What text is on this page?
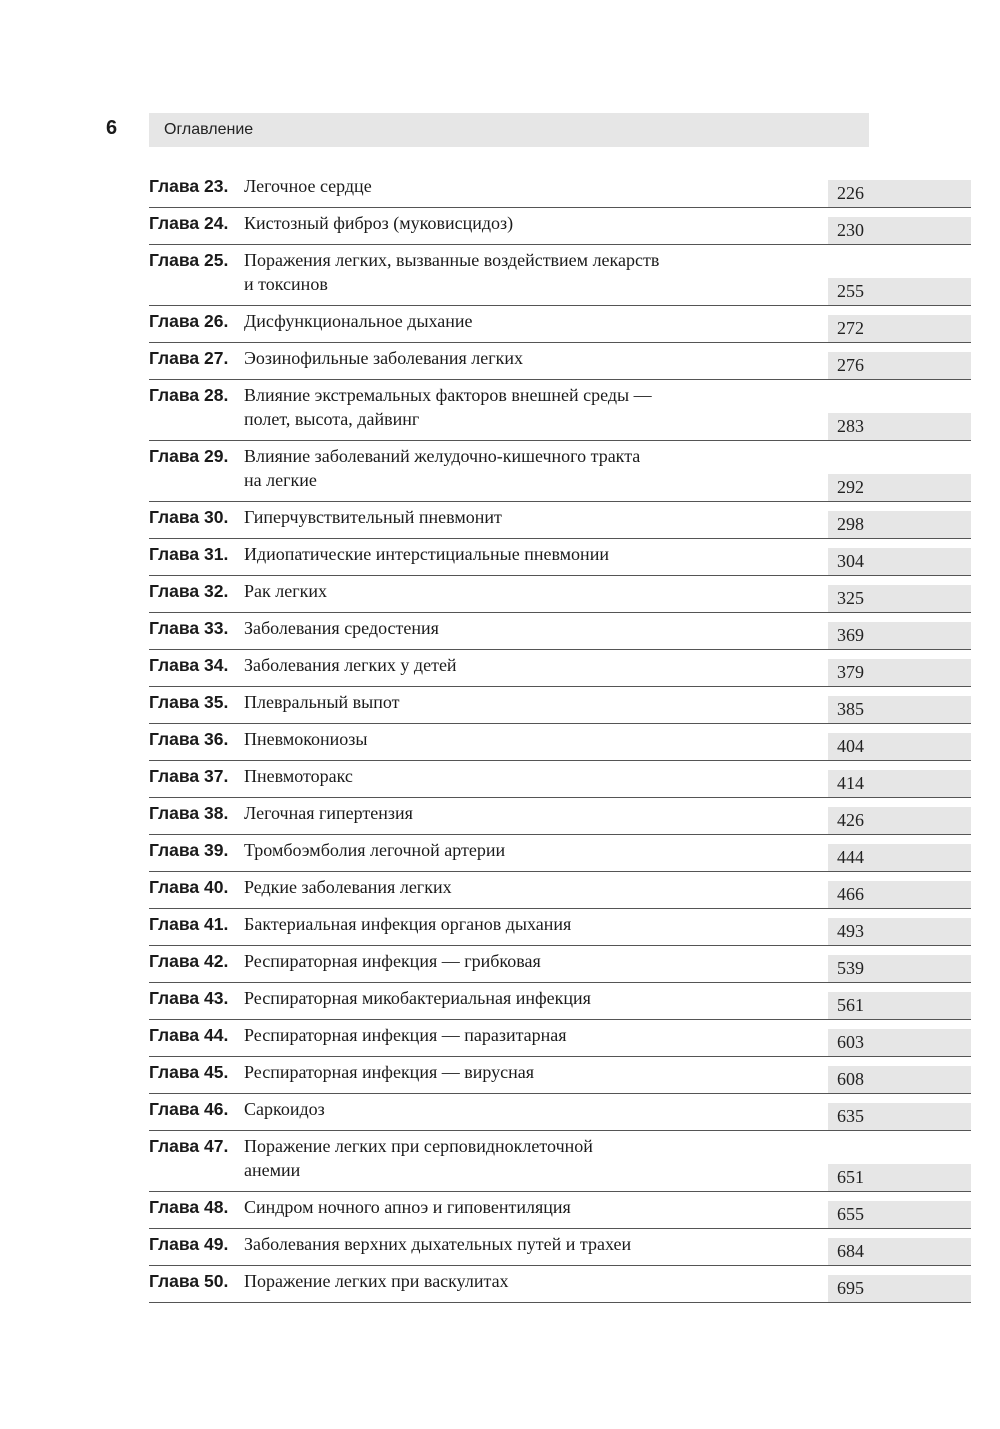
6	Оглавление
Глава 23. Легочное сердце	226
Глава 24. Кистозный фиброз (муковисцидоз)	230
Глава 25. Поражения легких, вызванные воздействием лекарств
и токсинов	255
Глава 26. Дисфункциональное дыхание	272
Глава 27. Эозинофильные заболевания легких	276
Глава 28. Влияние экстремальных факторов внешней среды —
полет, высота, дайвинг	283
Глава 29. Влияние заболеваний желудочно-кишечного тракта
на легкие	292
Глава 30. Гиперчувствительный пневмонит	298
Глава 31. Идиопатические интерстициальные пневмонии	304
Глава 32. Рак легких	325
Глава 33. Заболевания средостения	369
Глава 34. Заболевания легких у детей	379
Глава 35. Плевральный выпот	385
Глава 36. Пневмокониозы	404
Глава 37. Пневмоторакс	414
Глава 38. Легочная гипертензия	426
Глава 39. Тромбоэмболия легочной артерии	444
Глава 40. Редкие заболевания легких	466
Глава 41. Бактериальная инфекция органов дыхания	493
Глава 42. Респираторная инфекция — грибковая	539
Глава 43. Респираторная микобактериальная инфекция	561
Глава 44. Респираторная инфекция — паразитарная	603
Глава 45. Респираторная инфекция — вирусная	608
Глава 46. Саркоидоз	635
Глава 47. Поражение легких при серповидноклеточной
анемии	651
Глава 48. Синдром ночного апноэ и гиповентиляция	655
Глава 49. Заболевания верхних дыхательных путей и трахеи	684
Глава 50. Поражение легких при васкулитах	695
